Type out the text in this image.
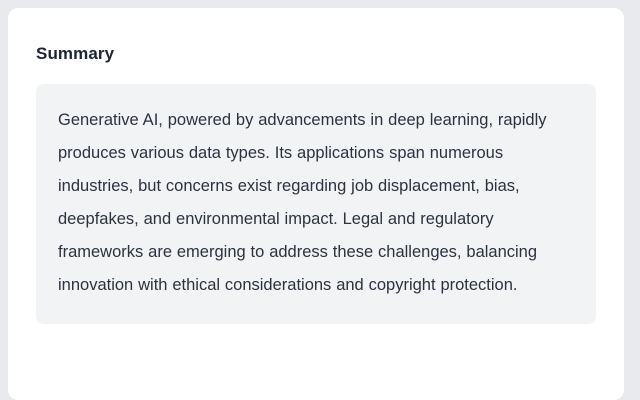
Summary

Generative AI, powered by advancements in deep learning, rapidly produces various data types. Its applications span numerous industries, but concerns exist regarding job displacement, bias, deepfakes, and environmental impact. Legal and regulatory frameworks are emerging to address these challenges, balancing innovation with ethical considerations and copyright protection.
